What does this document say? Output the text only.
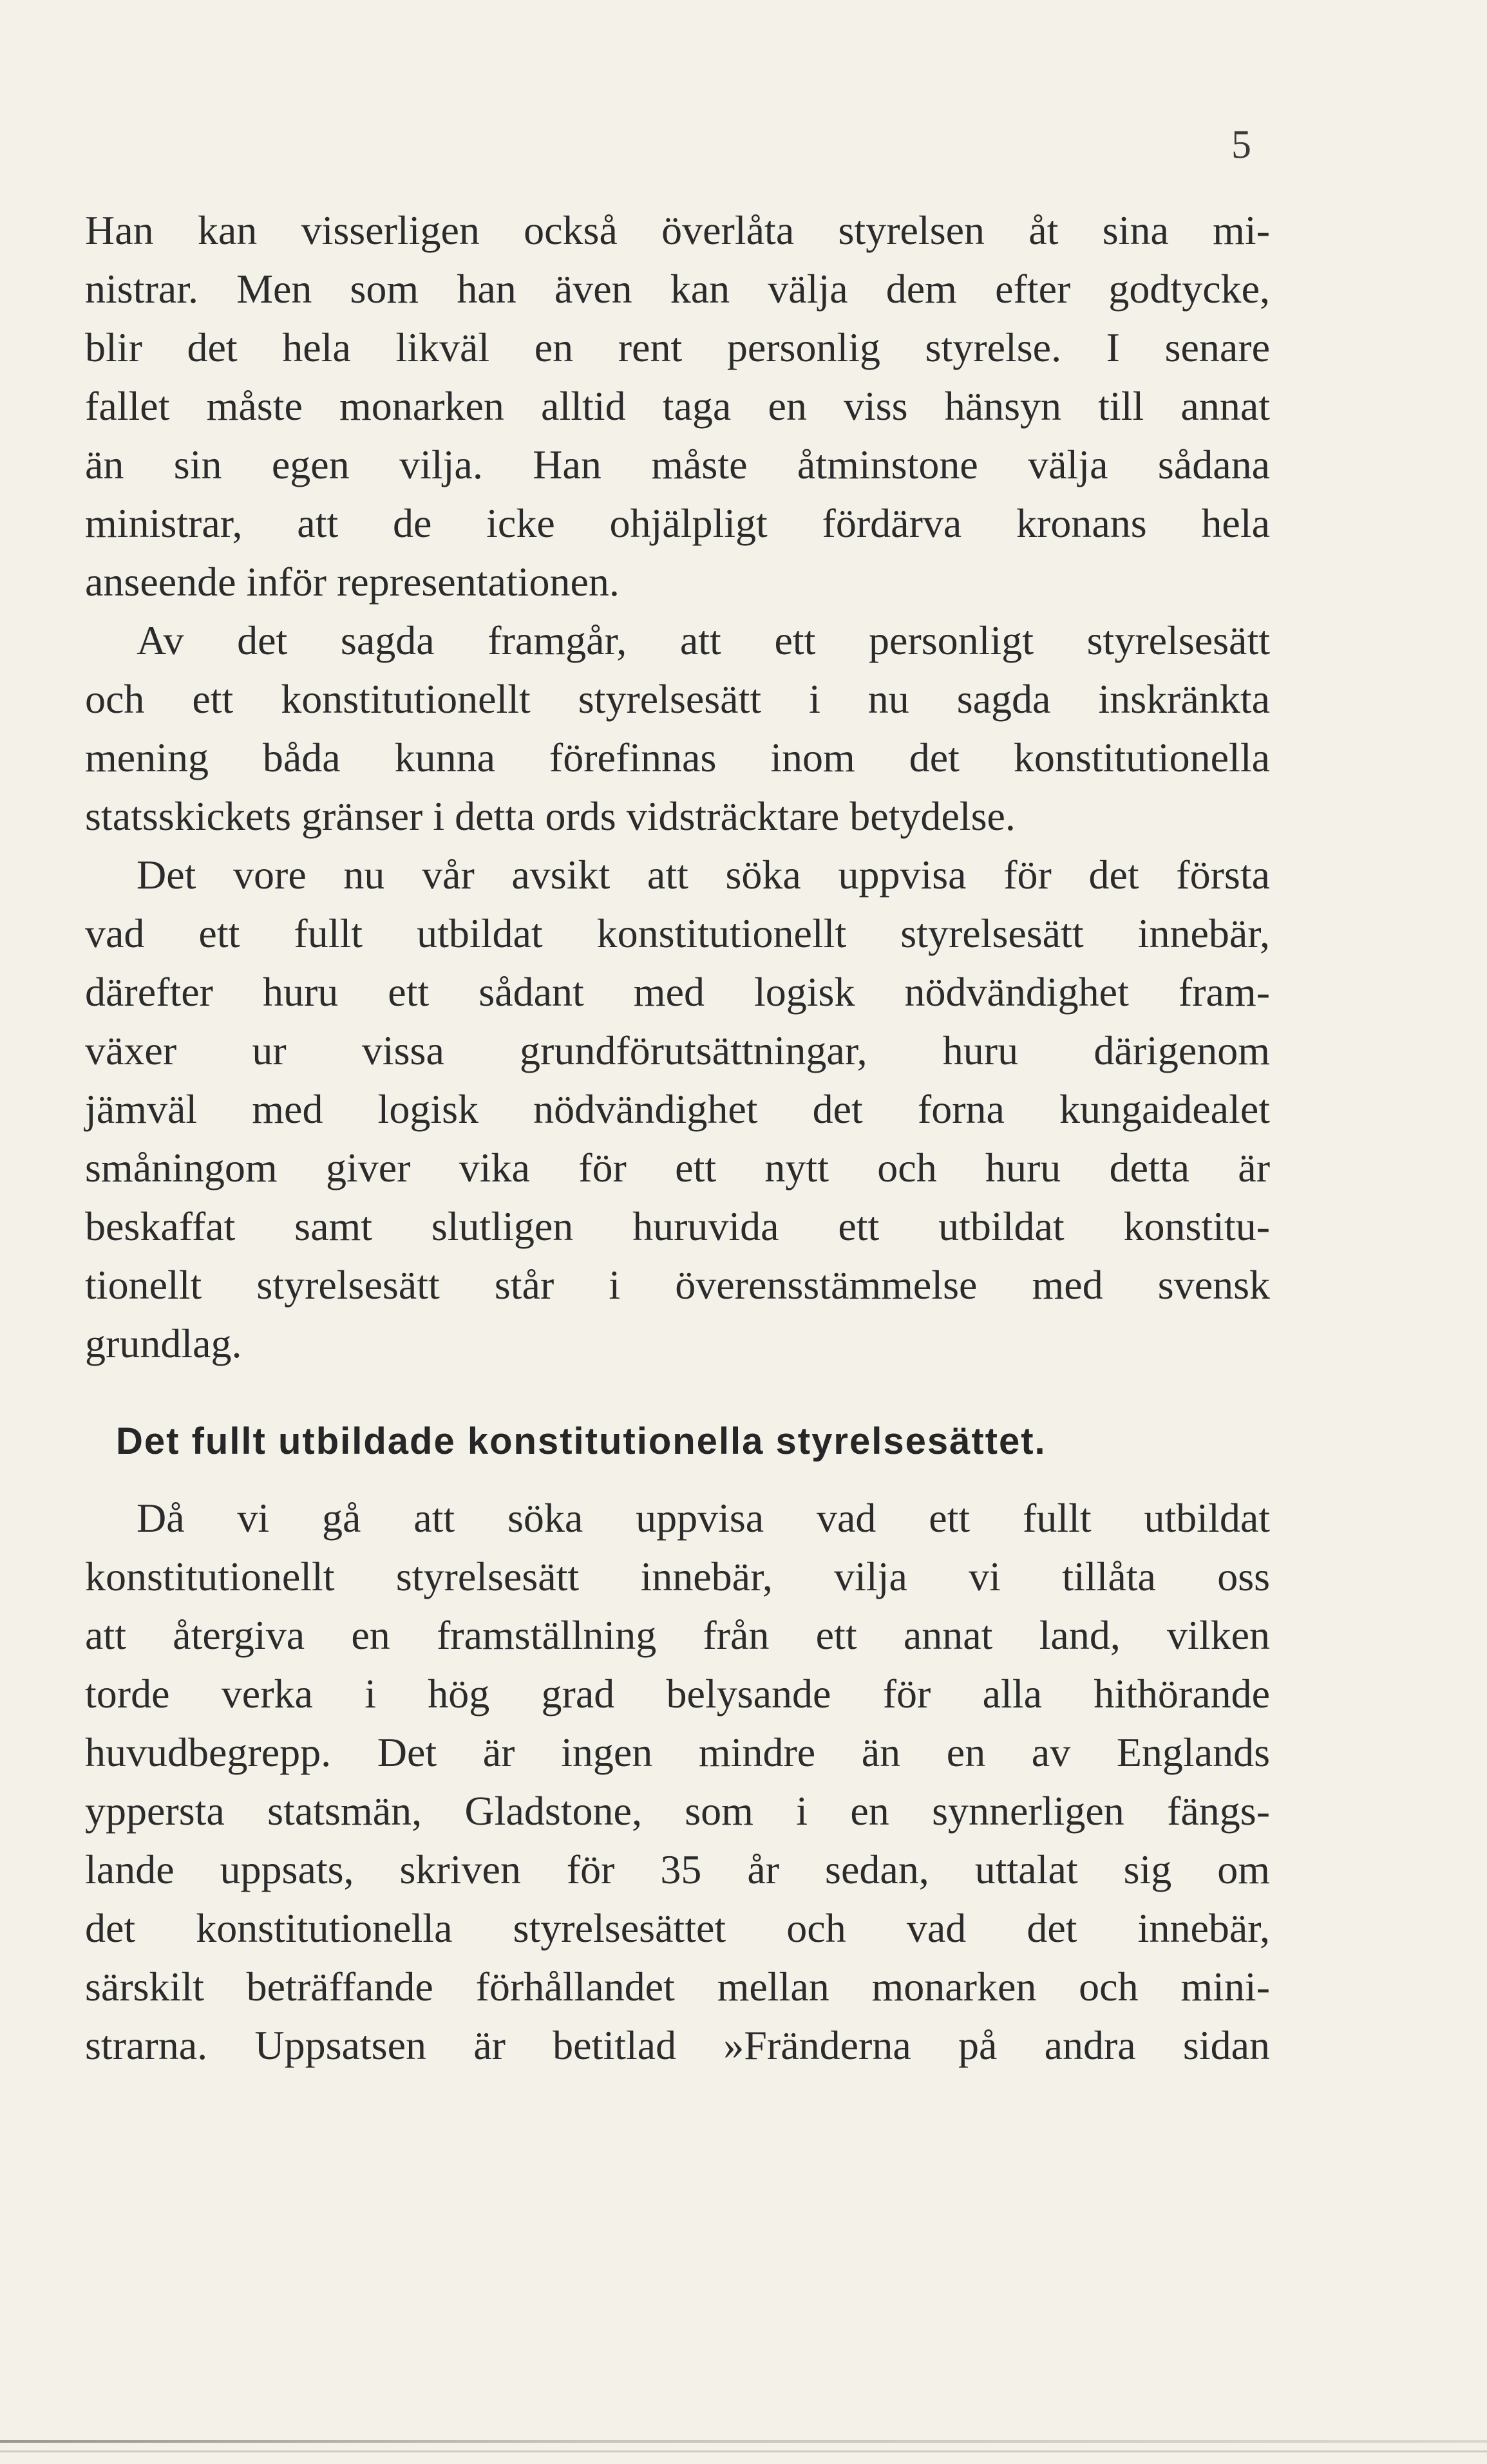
5
Han kan visserligen också överlåta styrelsen åt sina mi-
nistrar. Men som han även kan välja dem efter godtycke,
blir det hela likväl en rent personlig styrelse. I senare
fallet måste monarken alltid taga en viss hänsyn till annat
än sin egen vilja. Han måste åtminstone välja sådana
ministrar, att de icke ohjälpligt fördärva kronans hela
anseende inför representationen.
Av det sagda framgår, att ett personligt styrelsesätt
och ett konstitutionellt styrelsesätt i nu sagda inskränkta
mening båda kunna förefinnas inom det konstitutionella
statsskickets gränser i detta ords vidsträcktare betydelse.
Det vore nu vår avsikt att söka uppvisa för det första
vad ett fullt utbildat konstitutionellt styrelsesätt innebär,
därefter huru ett sådant med logisk nödvändighet fram-
växer ur vissa grundförutsättningar, huru därigenom
jämväl med logisk nödvändighet det forna kungaidealet
småningom giver vika för ett nytt och huru detta är
beskaffat samt slutligen huruvida ett utbildat konstitu-
tionellt styrelsesätt står i överensstämmelse med svensk
grundlag.
Det fullt utbildade konstitutionella styrelsesättet.
Då vi gå att söka uppvisa vad ett fullt utbildat
konstitutionellt styrelsesätt innebär, vilja vi tillåta oss
att återgiva en framställning från ett annat land, vilken
torde verka i hög grad belysande för alla hithörande
huvudbegrepp. Det är ingen mindre än en av Englands
yppersta statsmän, Gladstone, som i en synnerligen fängs-
lande uppsats, skriven för 35 år sedan, uttalat sig om
det konstitutionella styrelsesättet och vad det innebär,
särskilt beträffande förhållandet mellan monarken och mini-
strarna. Uppsatsen är betitlad »Fränderna på andra sidan
